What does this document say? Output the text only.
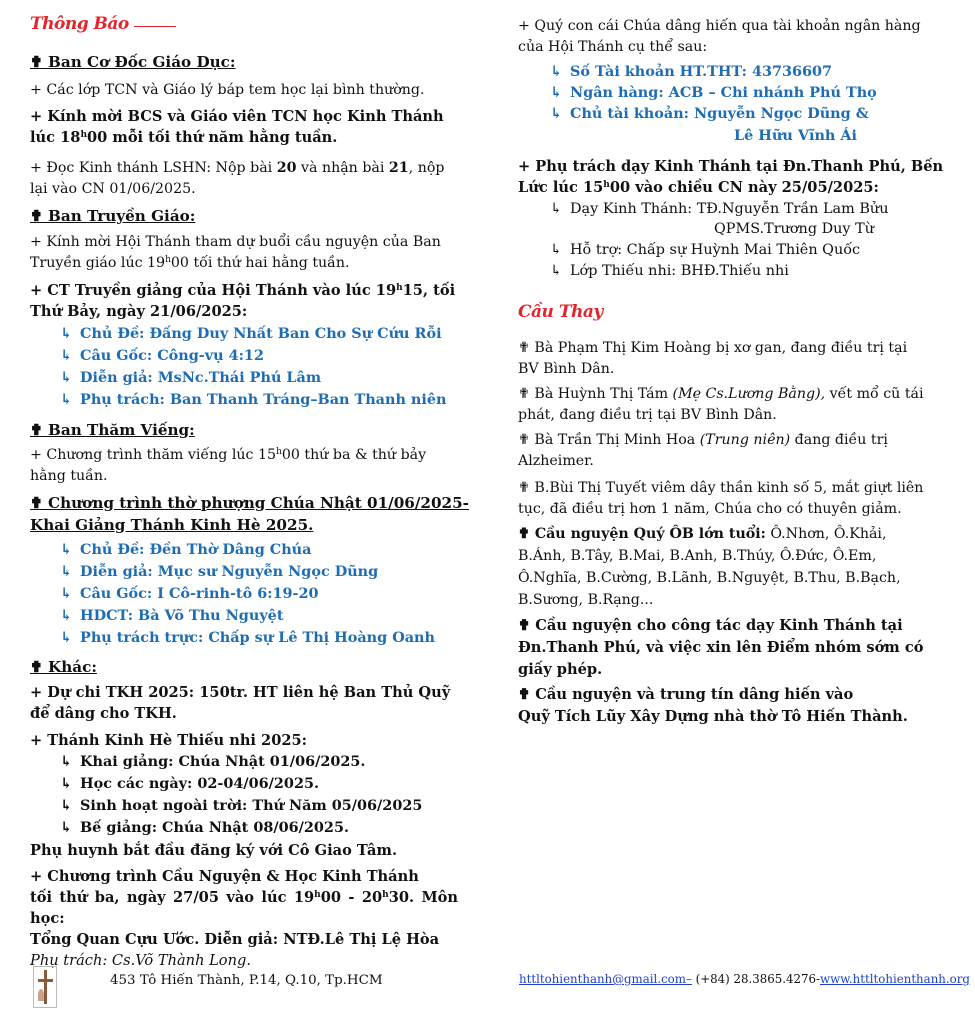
Thông Báo
✟ Ban Cơ Đốc Giáo Dục:

+ Các lớp TCN và Giáo lý báp tem học lại bình thường.

+ Kính mời BCS và Giáo viên TCN học Kinh Thánh
lúc 18$^h$00 mỗi tối thứ năm hằng tuần.

+ Đọc Kinh thánh LSHN: Nộp bài 20 và nhận bài 21, nộp
lại vào CN 01/06/2025.

✟ Ban Truyền Giáo:

+ Kính mời Hội Thánh tham dự buổi cầu nguyện của Ban
Truyền giáo lúc 19$^h$00 tối thứ hai hằng tuần.

+ CT Truyền giảng của Hội Thánh vào lúc 19$^h$15, tối
Thứ Bảy, ngày 21/06/2025:

↳ Chủ Đề: Đấng Duy Nhất Ban Cho Sự Cứu Rỗi
↳ Câu Gốc: Công-vụ 4:12
↳ Diễn giả: MsNc.Thái Phú Lâm
↳ Phụ trách: Ban Thanh Tráng–Ban Thanh niên
✟ Ban Thăm Viếng:

+ Chương trình thăm viếng lúc 15$^h$00 thứ ba & thứ bảy
hằng tuần.

✟ Chương trình thờ phượng Chúa Nhật 01/06/2025-
Khai Giảng Thánh Kinh Hè 2025.
↳ Chủ Đề: Đền Thờ Dâng Chúa
↳ Diễn giả: Mục sư Nguyễn Ngọc Dũng
↳ Câu Gốc: I Cô-rinh-tô 6:19-20
↳ HDCT: Bà Võ Thu Nguyệt
↳ Phụ trách trực: Chấp sự Lê Thị Hoàng Oanh
✟ Khác:

+ Dự chi TKH 2025: 150tr. HT liên hệ Ban Thủ Quỹ
để dâng cho TKH.

+ Thánh Kinh Hè Thiếu nhi 2025:

↳ Khai giảng: Chúa Nhật 01/06/2025.
↳ Học các ngày: 02-04/06/2025.
↳ Sinh hoạt ngoài trời: Thứ Năm 05/06/2025
↳ Bế giảng: Chúa Nhật 08/06/2025.

Phụ huynh bắt đầu đăng ký với Cô Giao Tâm.

+ Chương trình Cầu Nguyện & Học Kinh Thánh
tối thứ ba, ngày 27/05 vào lúc 19$^h$00 - 20$^h$30. Môn học:
Tổng Quan Cựu Ước. Diễn giả: NTĐ.Lê Thị Lệ Hòa
Phụ trách: Cs.Võ Thành Long.

+ Quý con cái Chúa dâng hiến qua tài khoản ngân hàng
của Hội Thánh cụ thể sau:

↳ Số Tài khoản HT.THT: 43736607
↳ Ngân hàng: ACB – Chi nhánh Phú Thọ
↳ Chủ tài khoản: Nguyễn Ngọc Dũng &
Lê Hữu Vĩnh Ái

+ Phụ trách dạy Kinh Thánh tại Đn.Thanh Phú, Bến
Lức lúc 15$^h$00 vào chiều CN này 25/05/2025:

↳ Dạy Kinh Thánh: TĐ.Nguyễn Trần Lam Bửu
QPMS.Trương Duy Từ
↳ Hỗ trợ: Chấp sự Huỳnh Mai Thiên Quốc
↳ Lớp Thiếu nhi: BHĐ.Thiếu nhi
Cầu Thay

✟ Bà Phạm Thị Kim Hoàng bị xơ gan, đang điều trị tại
BV Bình Dân.

✟ Bà Huỳnh Thị Tám (Mẹ Cs.Lương Bằng), vết mổ cũ tái
phát, đang điều trị tại BV Bình Dân.

✟ Bà Trần Thị Minh Hoa (Trung niên) đang điều trị
Alzheimer.

✟ B.Bùi Thị Tuyết viêm dây thần kinh số 5, mắt giựt liên
tục, đã điều trị hơn 1 năm, Chúa cho có thuyên giảm.

✟ Cầu nguyện Quý ÔB lớn tuổi: Ô.Nhơn, Ô.Khải,
B.Ánh, B.Tây, B.Mai, B.Anh, B.Thúy, Ô.Đức, Ô.Em,
Ô.Nghĩa, B.Cường, B.Lãnh, B.Nguyệt, B.Thu, B.Bạch,
B.Sương, B.Rạng...

✟ Cầu nguyện cho công tác dạy Kinh Thánh tại
Đn.Thanh Phú, và việc xin lên Điểm nhóm sớm có
giấy phép.

✟ Cầu nguyện và trung tín dâng hiến vào
Quỹ Tích Lũy Xây Dựng nhà thờ Tô Hiến Thành.

453 Tô Hiến Thành, P.14, Q.10, Tp.HCM	httltohienthanh@gmail.com– (+84) 28.3865.4276-www.httltohienthanh.org
